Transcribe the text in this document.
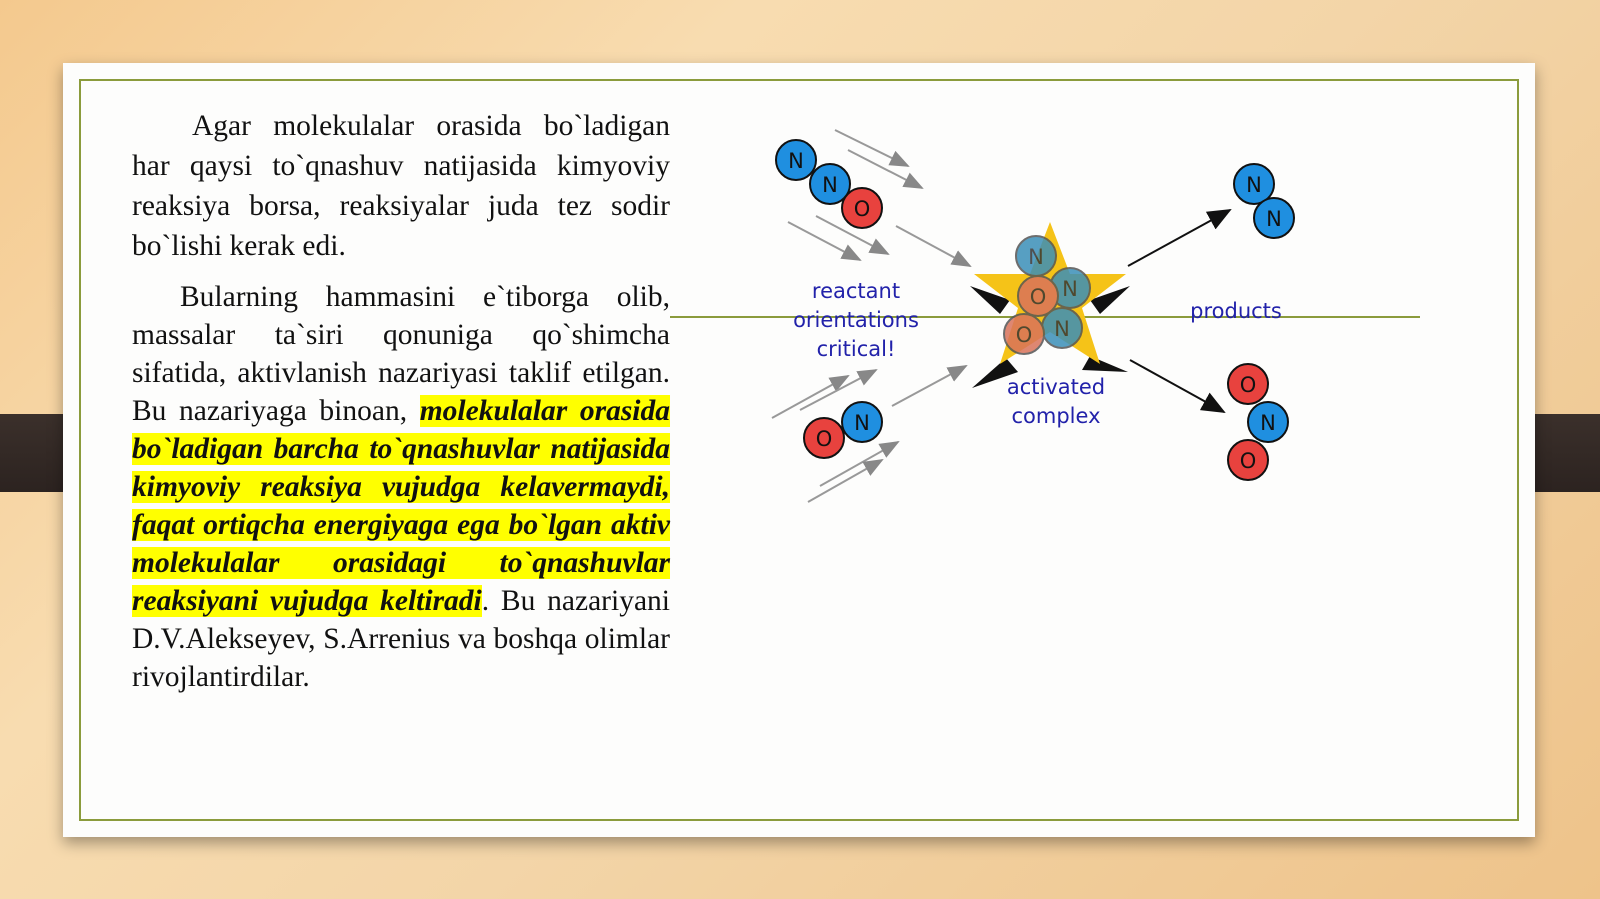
Agar molekulalar orasida bo`ladigan har qaysi to`qnashuv natijasida kimyoviy reaksiya borsa, reaksiyalar juda tez sodir bo`lishi kerak edi.

Bularning hammasini e`tiborga olib, massalar ta`siri qonuniga qo`shimcha sifatida, aktivlanish nazariyasi taklif etilgan. Bu nazariyaga binoan, molekulalar orasida bo`ladigan barcha to`qnashuvlar natijasida kimyoviy reaksiya vujudga kelavermaydi, faqat ortiqcha energiyaga ega bo`lgan aktiv molekulalar orasidagi to`qnashuvlar reaksiyani vujudga keltiradi. Bu nazariyani D.V.Alekseyev, S.Arrenius va boshqa olimlar rivojlantirdilar.

N
N
O
O
N
reactant
orientations
critical!
N
N
O
N
O
activated
complex
N
N
products
O
N
O
